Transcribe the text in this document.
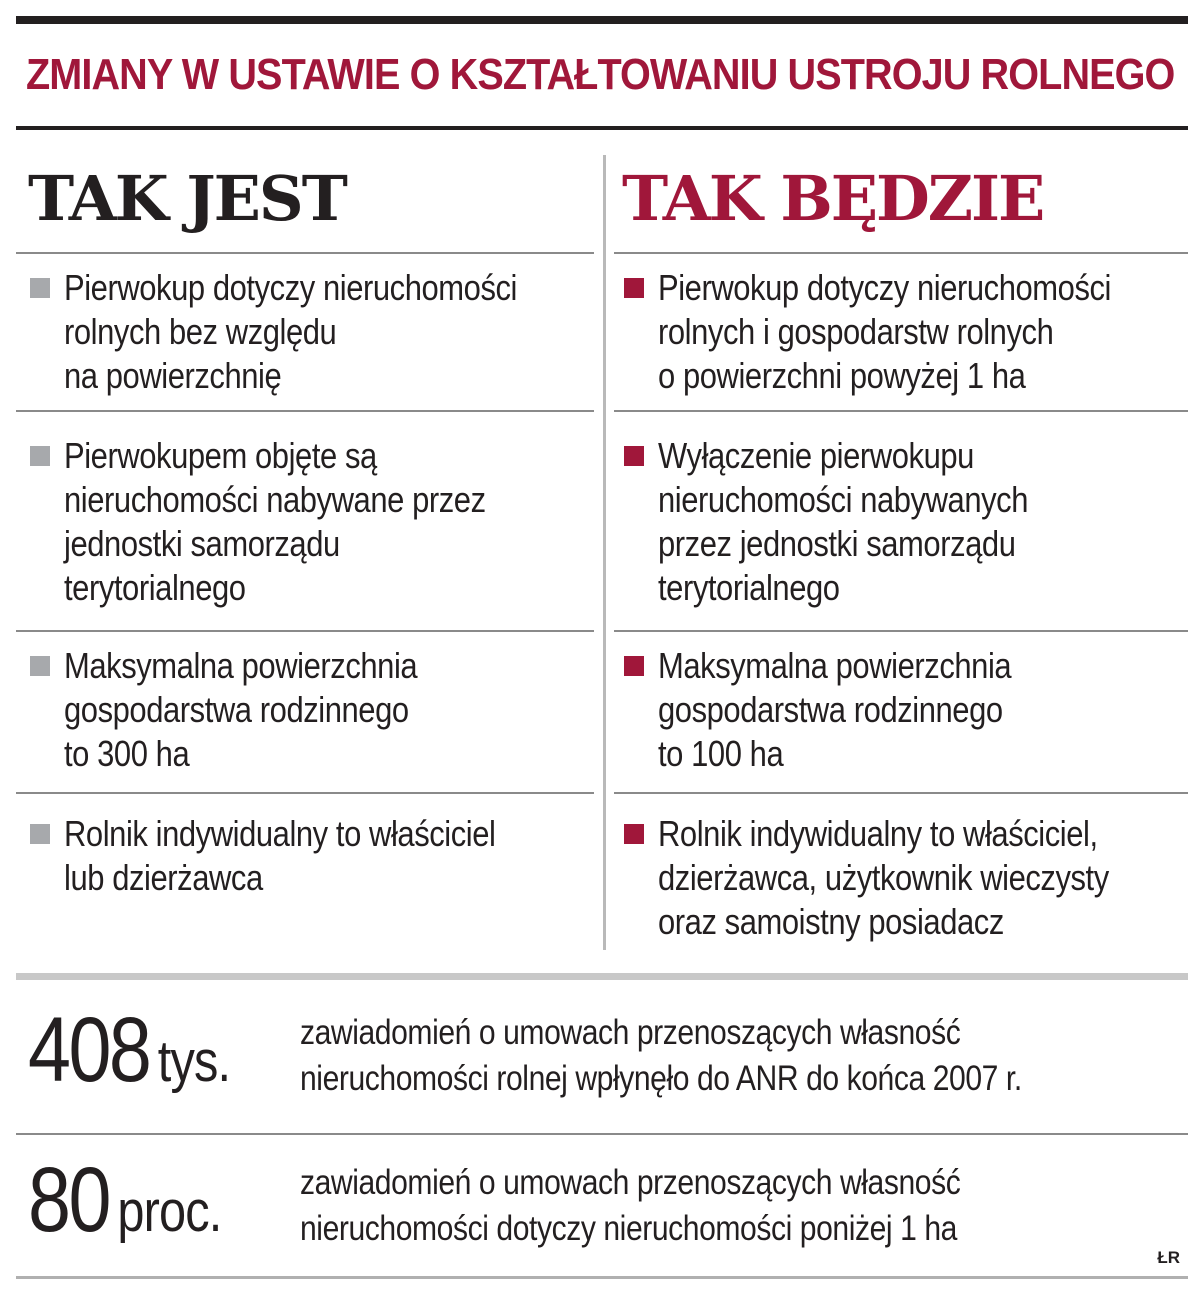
ZMIANY W USTAWIE O KSZTAŁTOWANIU USTROJU ROLNEGO
TAK JEST	TAK BĘDZIE
Pierwokup dotyczy nieruchomości
rolnych bez względu
na powierzchnię
Pierwokup dotyczy nieruchomości
rolnych i gospodarstw rolnych
o powierzchni powyżej 1 ha
Pierwokupem objęte są
nieruchomości nabywane przez
jednostki samorządu
terytorialnego
Wyłączenie pierwokupu
nieruchomości nabywanych
przez jednostki samorządu
terytorialnego
Maksymalna powierzchnia
gospodarstwa rodzinnego
to 300 ha
Maksymalna powierzchnia
gospodarstwa rodzinnego
to 100 ha
Rolnik indywidualny to właściciel
lub dzierżawca
Rolnik indywidualny to właściciel,
dzierżawca, użytkownik wieczysty
oraz samoistny posiadacz
408 tys. zawiadomień o umowach przenoszących własność
nieruchomości rolnej wpłynęło do ANR do końca 2007 r.
80 proc. zawiadomień o umowach przenoszących własność
nieruchomości dotyczy nieruchomości poniżej 1 ha
ŁR
